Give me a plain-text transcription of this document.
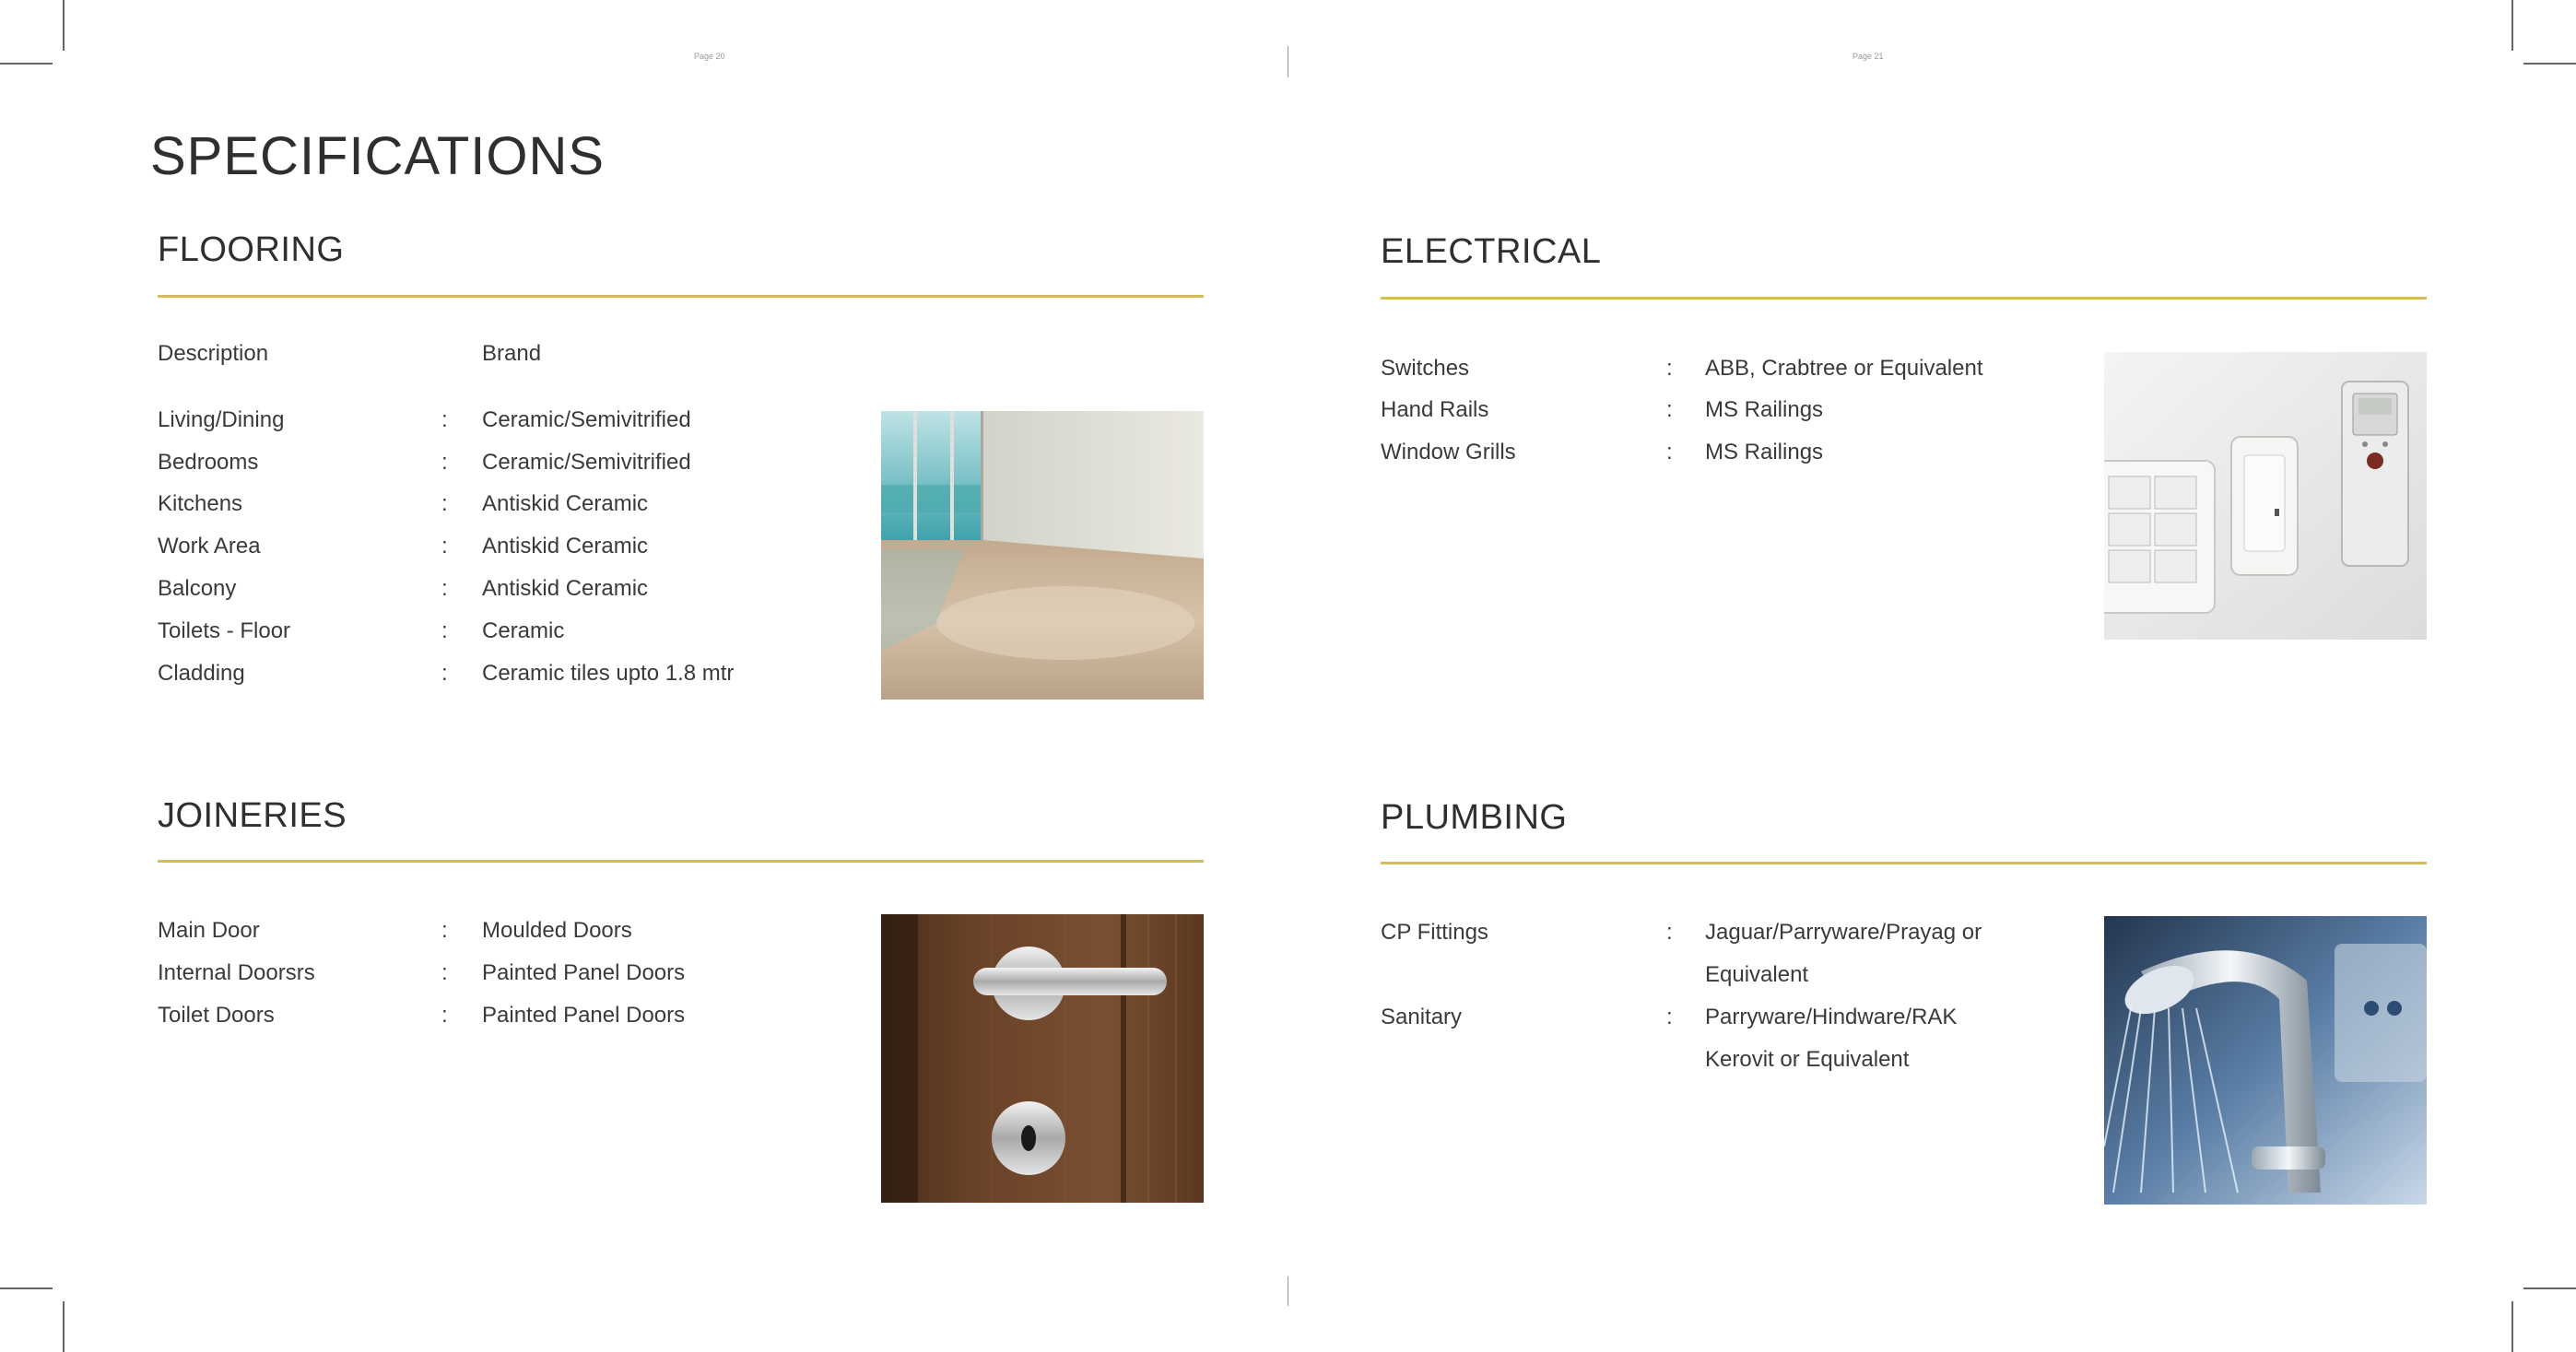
Page 20	Page 21
SPECIFICATIONS
FLOORING
Description	Brand
Living/Dining	: Ceramic/Semivitrified
Bedrooms	: Ceramic/Semivitrified
Kitchens	: Antiskid Ceramic
Work Area	: Antiskid Ceramic
Balcony	: Antiskid Ceramic
Toilets - Floor	: Ceramic
Cladding	: Ceramic tiles upto 1.8 mtr
ELECTRICAL
Switches	: ABB, Crabtree or Equivalent
Hand Rails	: MS Railings
Window Grills	: MS Railings
JOINERIES
Main Door	: Moulded Doors
Internal Doorsrs	: Painted Panel Doors
Toilet Doors	: Painted Panel Doors
PLUMBING
CP Fittings	: Jaguar/Parryware/Prayag or
Equivalent
Sanitary	: Parryware/Hindware/RAK
Kerovit or Equivalent
